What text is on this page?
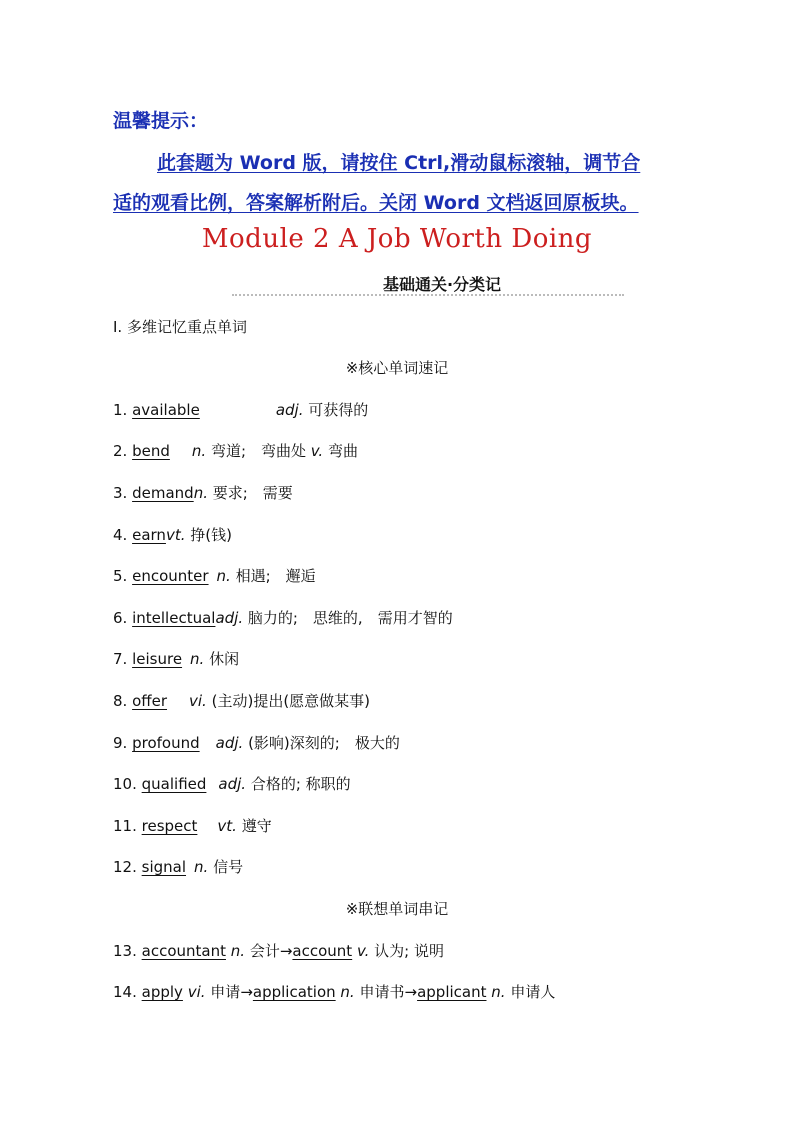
温馨提示：
此套题为 Word 版，请按住 Ctrl,滑动鼠标滚轴，调节合
适的观看比例，答案解析附后。关闭 Word 文档返回原板块。
Module 2 A Job Worth Doing
基础通关·分类记
Ⅰ. 多维记忆重点单词
※核心单词速记
1. available	adj. 可获得的
2. bend n. 弯道;　弯曲处 v. 弯曲
3. demandn. 要求;　需要
4. earnvt. 挣(钱)
5. encounter n. 相遇;　邂逅
6. intellectualadj. 脑力的;　思维的,　需用才智的
7. leisure n. 休闲
8. offer vi. (主动)提出(愿意做某事)
9. profound adj. (影响)深刻的;　极大的
10. qualified adj. 合格的; 称职的
11. respect vt. 遵守
12. signal n. 信号
※联想单词串记
13. accountant n. 会计→account v. 认为; 说明
14. apply vi. 申请→application n. 申请书→applicant n. 申请人
